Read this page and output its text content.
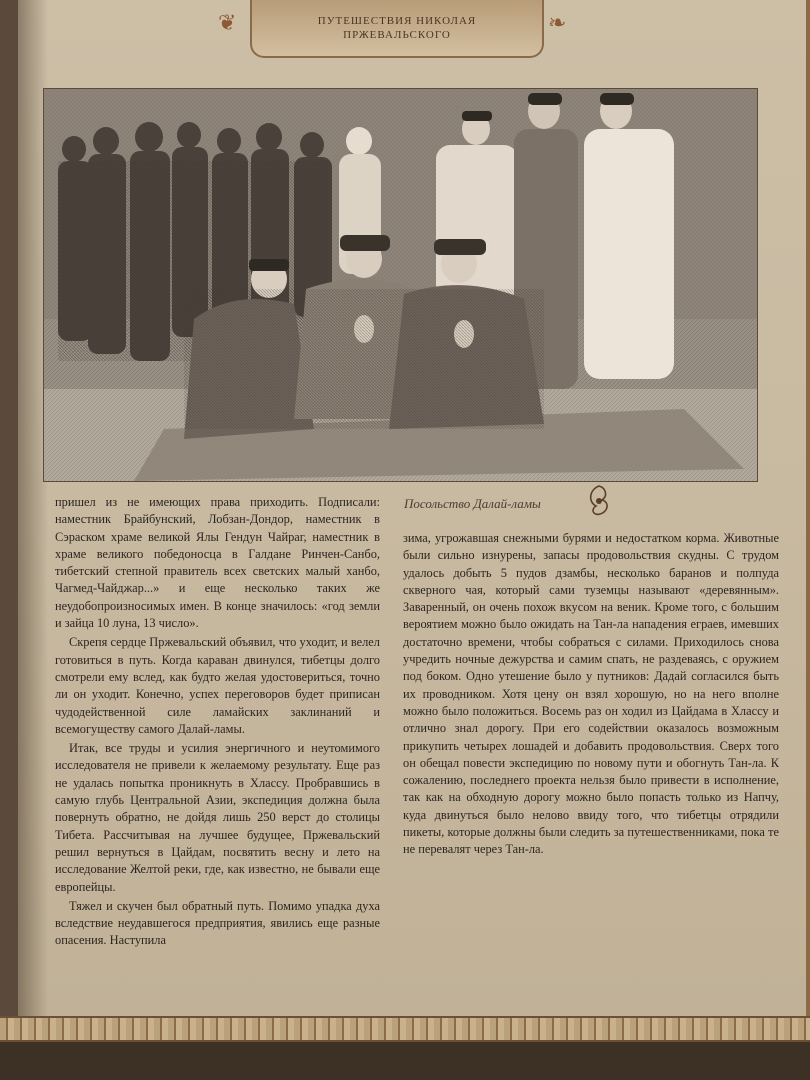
❦	ПУТЕШЕСТВИЯ НИКОЛАЯ
ПРЖЕВАЛЬСКОГО	❧
Посольство Далай-ламы

пришел из не имеющих права приходить. Подписали: наместник Брайбунский, Лобзан-Дондор, наместник в Сэраском храме великой Ялы Гендун Чайраг, наместник в храме великого победоносца в Галдане Ринчен-Санбо, тибетский степной правитель всех светских малый ханбо, Чагмед-Чайджар...» и еще несколько таких же неудобопроизносимых имен. В конце значилось: «год земли и зайца 10 луна, 13 число».

Скрепя сердце Пржевальский объявил, что уходит, и велел готовиться в путь. Когда караван двинулся, тибетцы долго смотрели ему вслед, как будто желая удостовериться, точно ли он уходит. Конечно, успех переговоров будет приписан чудодейственной силе ламайских заклинаний и всемогуществу самого Далай-ламы.

Итак, все труды и усилия энергичного и неутомимого исследователя не привели к желаемому результату. Еще раз не удалась попытка проникнуть в Хлассу. Пробравшись в самую глубь Центральной Азии, экспедиция должна была повернуть обратно, не дойдя лишь 250 верст до столицы Тибета. Рассчитывая на лучшее будущее, Пржевальский решил вернуться в Цайдам, посвятить весну и лето на исследование Желтой реки, где, как известно, не бывали еще европейцы.

Тяжел и скучен был обратный путь. Помимо упадка духа вследствие неудавшегося предприятия, явились еще разные опасения. Наступила

зима, угрожавшая снежными бурями и недостатком корма. Животные были сильно изнурены, запасы продовольствия скудны. С трудом удалось добыть 5 пудов дзамбы, несколько баранов и полпуда скверного чая, который сами туземцы называют «деревянным». Заваренный, он очень похож вкусом на веник. Кроме того, с большим вероятием можно было ожидать на Тан-ла нападения еграев, имевших достаточно времени, чтобы собраться с силами. Приходилось снова учредить ночные дежурства и самим спать, не раздеваясь, с оружием под боком. Одно утешение было у путников: Дадай согласился быть их проводником. Хотя цену он взял хорошую, но на него вполне можно было положиться. Восемь раз он ходил из Цайдама в Хлассу и отлично знал дорогу. При его содействии оказалось возможным прикупить четырех лошадей и добавить продовольствия. Сверх того он обещал повести экспедицию по новому пути и обогнуть Тан-ла. К сожалению, последнего проекта нельзя было привести в исполнение, так как на обходную дорогу можно было попасть только из Напчу, куда двинуться было нелово ввиду того, что тибетцы отрядили пикеты, которые должны были следить за путешественниками, пока те не перевалят через Тан-ла.
